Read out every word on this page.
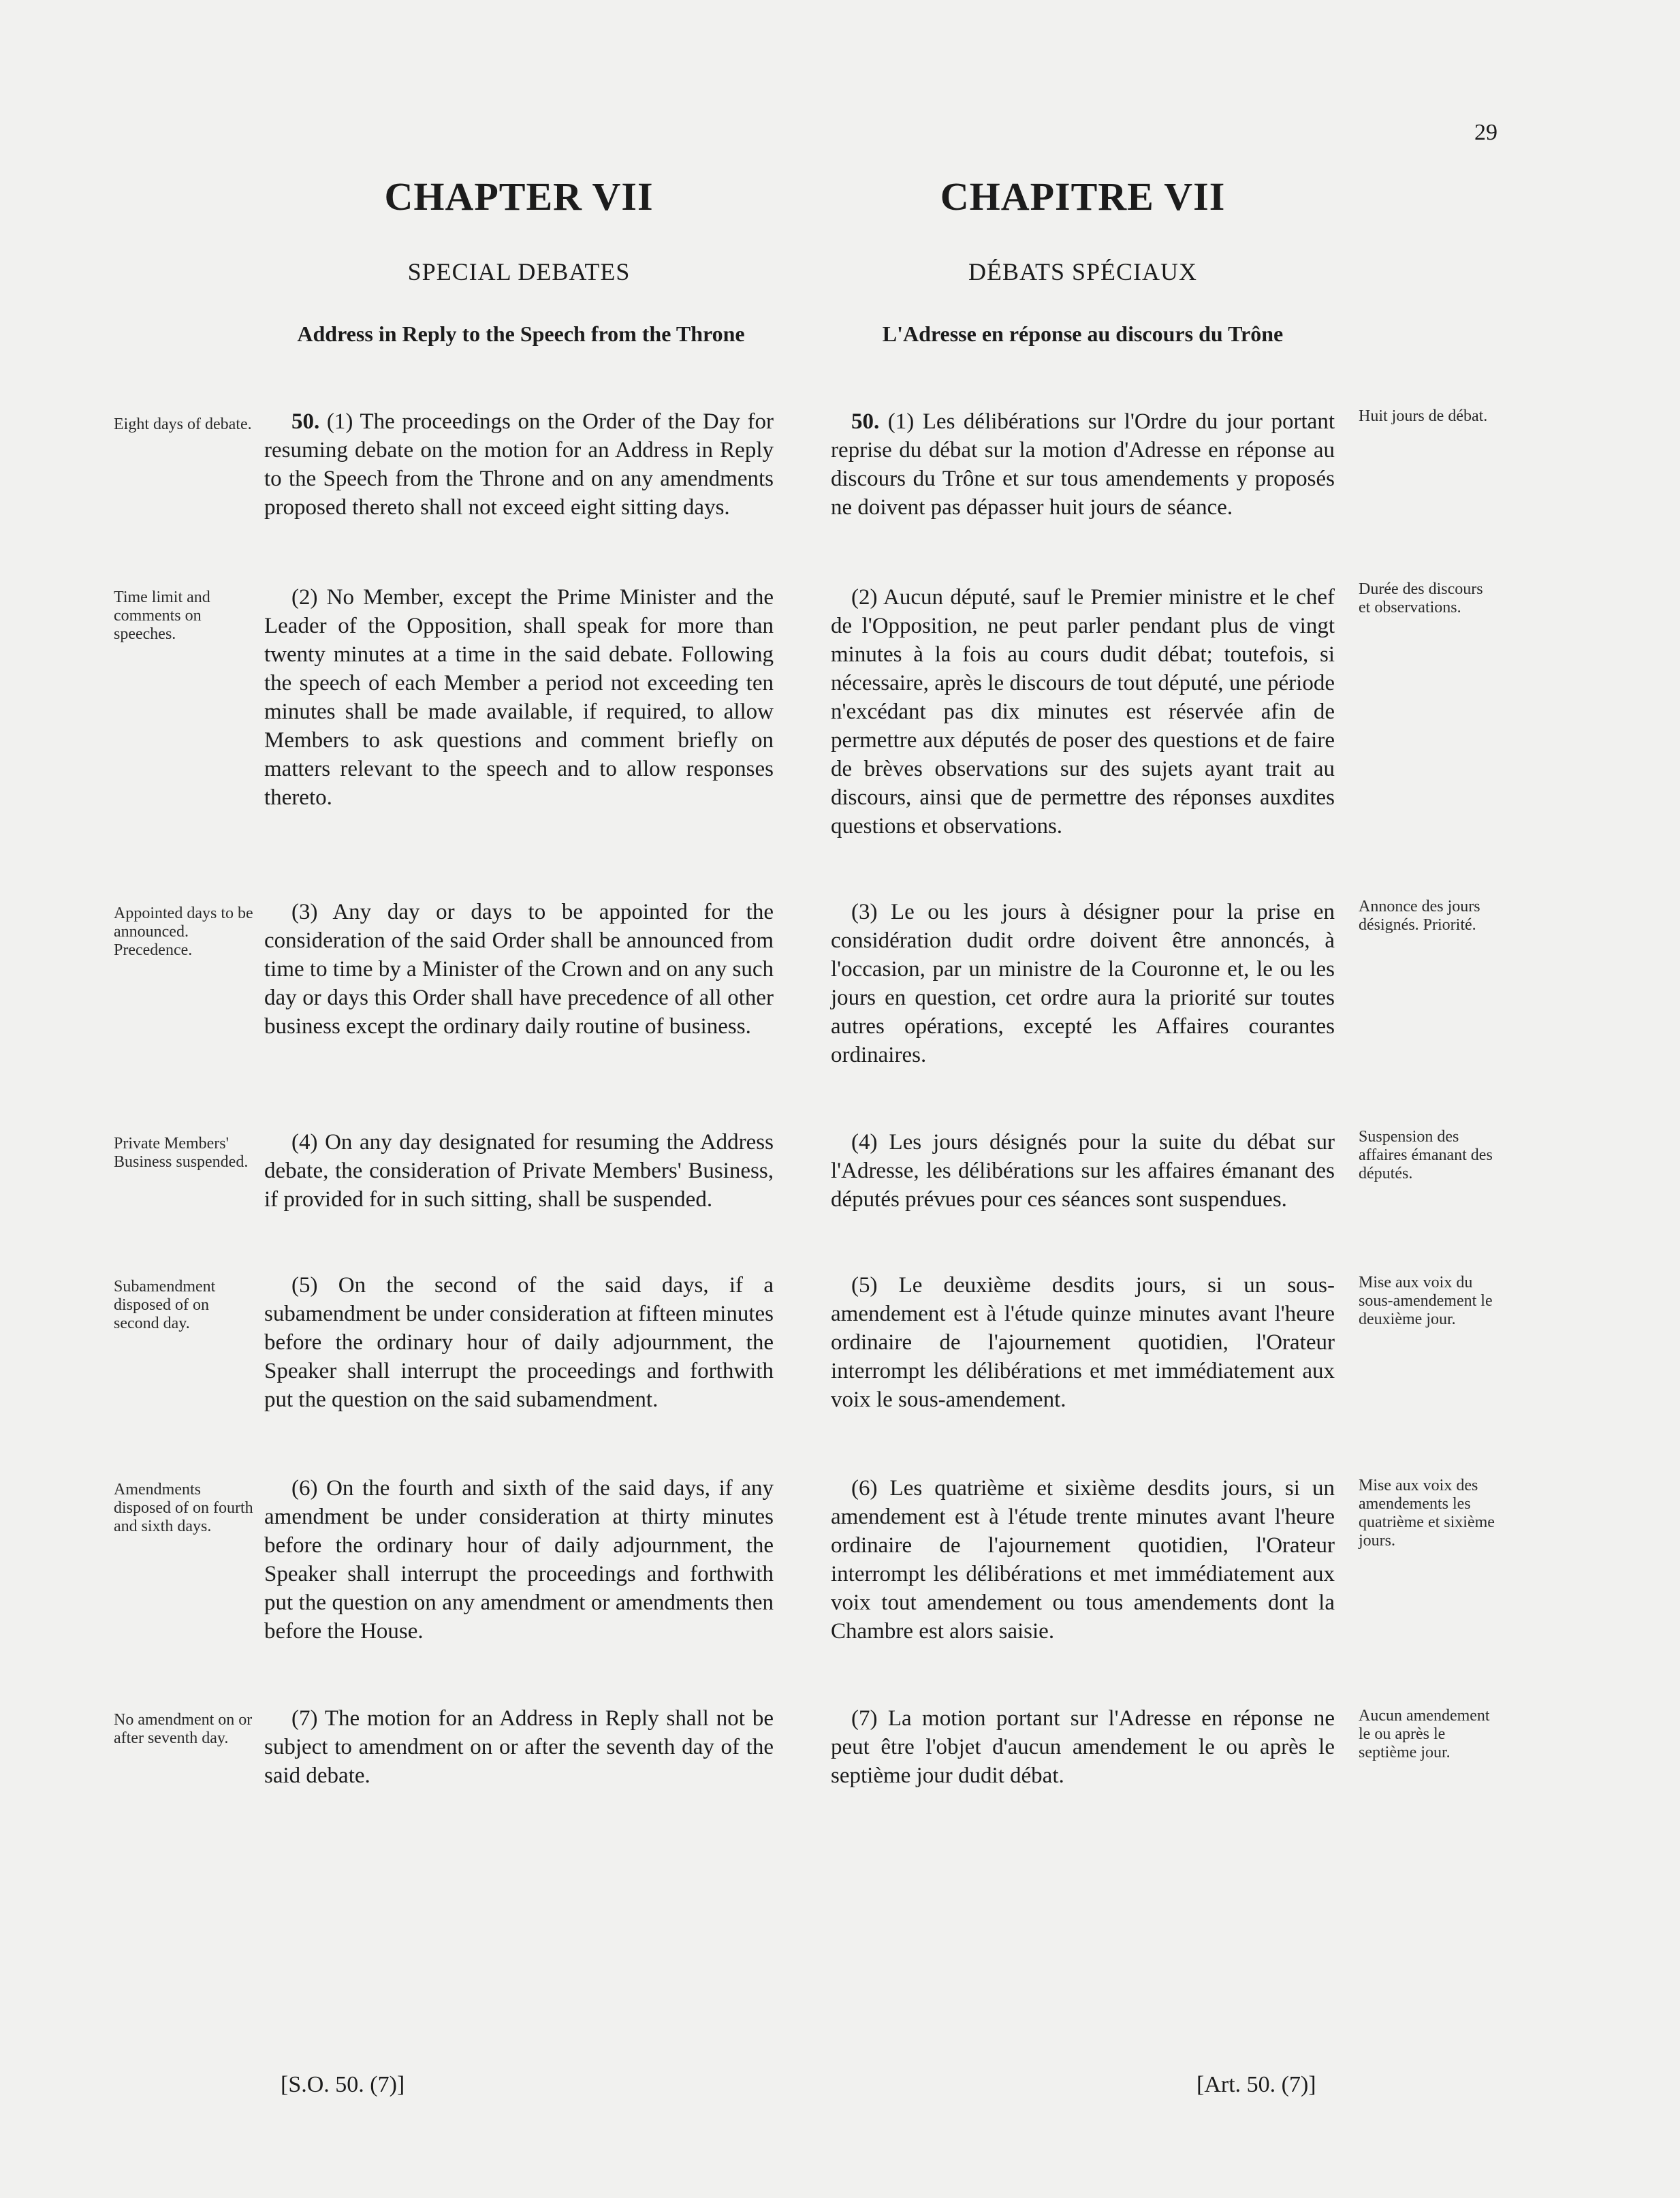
29
CHAPTER VII
SPECIAL DEBATES
Address in Reply to the Speech from the Throne
CHAPITRE VII
DÉBATS SPÉCIAUX
L'Adresse en réponse au discours du Trône
50. (1) The proceedings on the Order of the Day for resuming debate on the motion for an Address in Reply to the Speech from the Throne and on any amendments proposed thereto shall not exceed eight sitting days.
(2) No Member, except the Prime Minister and the Leader of the Opposition, shall speak for more than twenty minutes at a time in the said debate. Following the speech of each Member a period not exceeding ten minutes shall be made available, if required, to allow Members to ask questions and comment briefly on matters relevant to the speech and to allow responses thereto.
(3) Any day or days to be appointed for the consideration of the said Order shall be announced from time to time by a Minister of the Crown and on any such day or days this Order shall have precedence of all other business except the ordinary daily routine of business.
(4) On any day designated for resuming the Address debate, the consideration of Private Members' Business, if provided for in such sitting, shall be suspended.
(5) On the second of the said days, if a subamendment be under consideration at fifteen minutes before the ordinary hour of daily adjournment, the Speaker shall interrupt the proceedings and forthwith put the question on the said subamendment.
(6) On the fourth and sixth of the said days, if any amendment be under consideration at thirty minutes before the ordinary hour of daily adjournment, the Speaker shall interrupt the proceedings and forthwith put the question on any amendment or amendments then before the House.
(7) The motion for an Address in Reply shall not be subject to amendment on or after the seventh day of the said debate.
50. (1) Les délibérations sur l'Ordre du jour portant reprise du débat sur la motion d'Adresse en réponse au discours du Trône et sur tous amendements y proposés ne doivent pas dépasser huit jours de séance.
(2) Aucun député, sauf le Premier ministre et le chef de l'Opposition, ne peut parler pendant plus de vingt minutes à la fois au cours dudit débat; toutefois, si nécessaire, après le discours de tout député, une période n'excédant pas dix minutes est réservée afin de permettre aux députés de poser des questions et de faire de brèves observations sur des sujets ayant trait au discours, ainsi que de permettre des réponses auxdites questions et observations.
(3) Le ou les jours à désigner pour la prise en considération dudit ordre doivent être annoncés, à l'occasion, par un ministre de la Couronne et, le ou les jours en question, cet ordre aura la priorité sur toutes autres opérations, excepté les Affaires courantes ordinaires.
(4) Les jours désignés pour la suite du débat sur l'Adresse, les délibérations sur les affaires émanant des députés prévues pour ces séances sont suspendues.
(5) Le deuxième desdits jours, si un sous-amendement est à l'étude quinze minutes avant l'heure ordinaire de l'ajournement quotidien, l'Orateur interrompt les délibérations et met immédiatement aux voix le sous-amendement.
(6) Les quatrième et sixième desdits jours, si un amendement est à l'étude trente minutes avant l'heure ordinaire de l'ajournement quotidien, l'Orateur interrompt les délibérations et met immédiatement aux voix tout amendement ou tous amendements dont la Chambre est alors saisie.
(7) La motion portant sur l'Adresse en réponse ne peut être l'objet d'aucun amendement le ou après le septième jour dudit débat.
Eight days of debate.
Time limit and comments on speeches.
Appointed days to be announced. Precedence.
Private Members' Business suspended.
Subamendment disposed of on second day.
Amendments disposed of on fourth and sixth days.
No amendment on or after seventh day.
Huit jours de débat.
Durée des discours et observations.
Annonce des jours désignés. Priorité.
Suspension des affaires émanant des députés.
Mise aux voix du sous-amendement le deuxième jour.
Mise aux voix des amendements les quatrième et sixième jours.
Aucun amendement le ou après le septième jour.
[S.O. 50. (7)]	[Art. 50. (7)]
